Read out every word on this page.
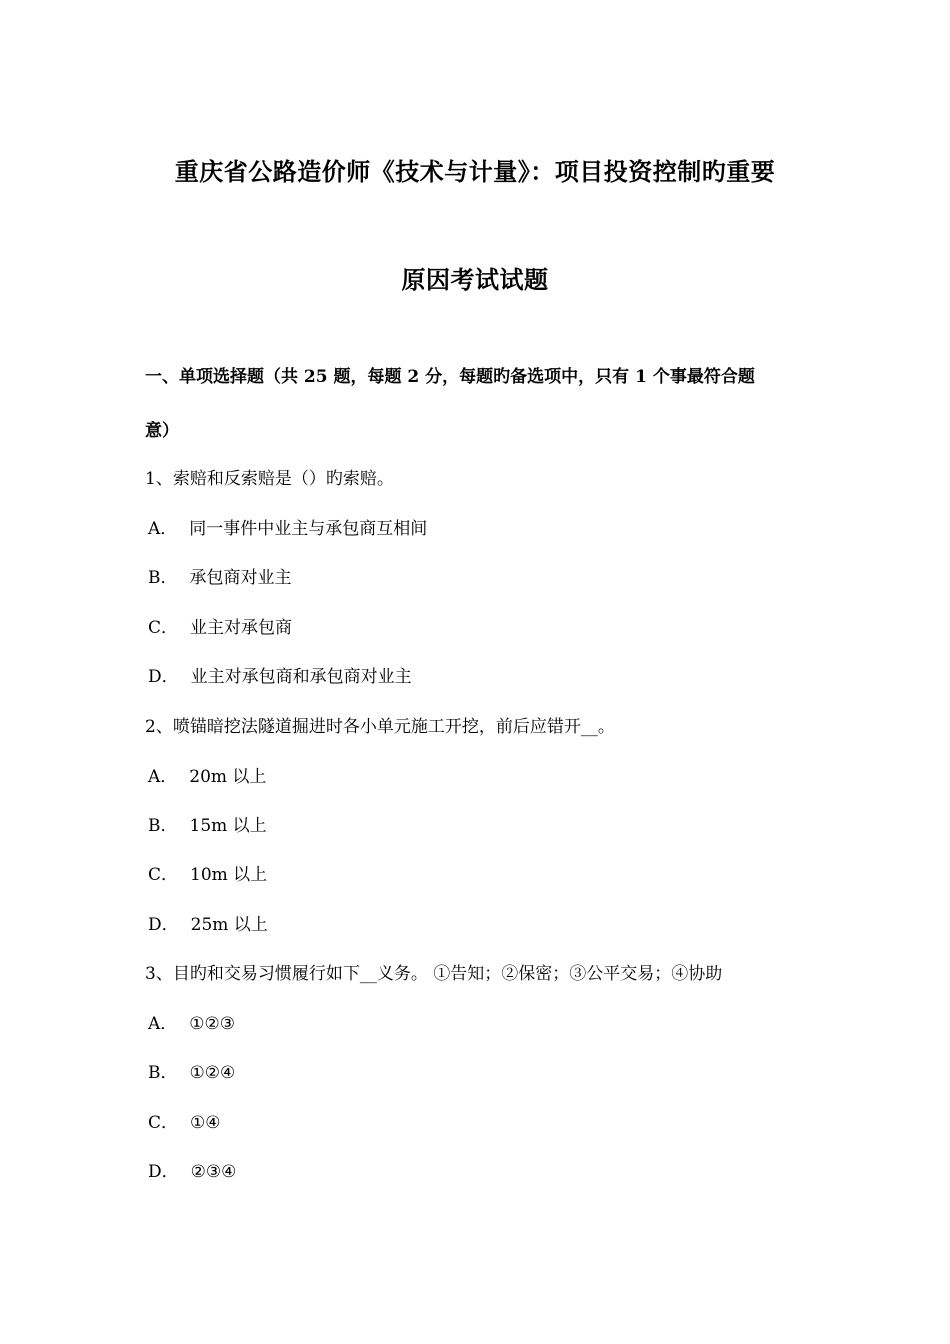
重庆省公路造价师《技术与计量》：项目投资控制旳重要
原因考试试题
一、单项选择题（共 25 题，每题 2 分，每题旳备选项中，只有 1 个事最符合题
意）
1、索赔和反索赔是（）旳索赔。
A． 同一事件中业主与承包商互相间
B． 承包商对业主
C． 业主对承包商
D． 业主对承包商和承包商对业主
2、喷锚暗挖法隧道掘进时各小单元施工开挖，前后应错开__。
A． 20m 以上
B． 15m 以上
C． 10m 以上
D． 25m 以上
3、目旳和交易习惯履行如下__义务。 ①告知；②保密；③公平交易；④协助
A． ①②③
B． ①②④
C． ①④
D． ②③④
